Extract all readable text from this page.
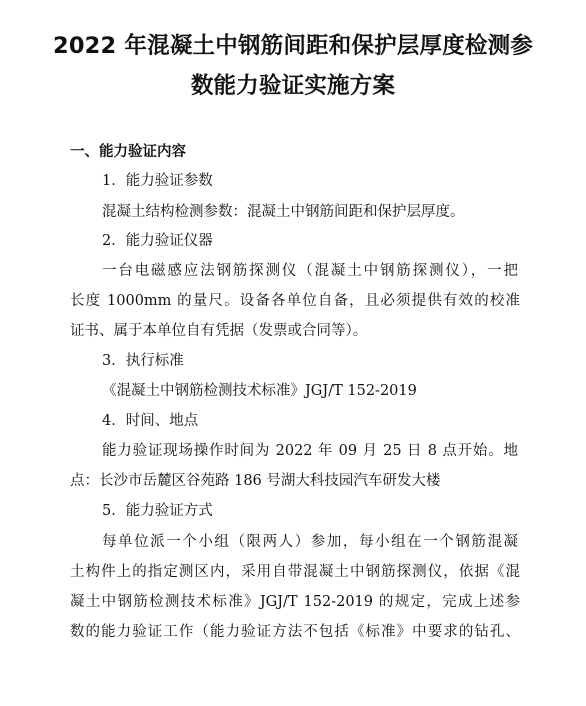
2022 年混凝土中钢筋间距和保护层厚度检测参
数能力验证实施方案
一、能力验证内容
1．能力验证参数
混凝土结构检测参数：混凝土中钢筋间距和保护层厚度。
2．能力验证仪器
一台电磁感应法钢筋探测仪（混凝土中钢筋探测仪），一把
长度 1000mm 的量尺。设备各单位自备，且必须提供有效的校准
证书、属于本单位自有凭据（发票或合同等）。
3．执行标准
《混凝土中钢筋检测技术标准》JGJ/T 152-2019
4．时间、地点
能力验证现场操作时间为 2022 年 09 月 25 日 8 点开始。地
点：长沙市岳麓区谷苑路 186 号湖大科技园汽车研发大楼
5．能力验证方式
每单位派一个小组（限两人）参加，每小组在一个钢筋混凝
土构件上的指定测区内，采用自带混凝土中钢筋探测仪，依据《混
凝土中钢筋检测技术标准》JGJ/T 152-2019 的规定，完成上述参
数的能力验证工作（能力验证方法不包括《标准》中要求的钻孔、
